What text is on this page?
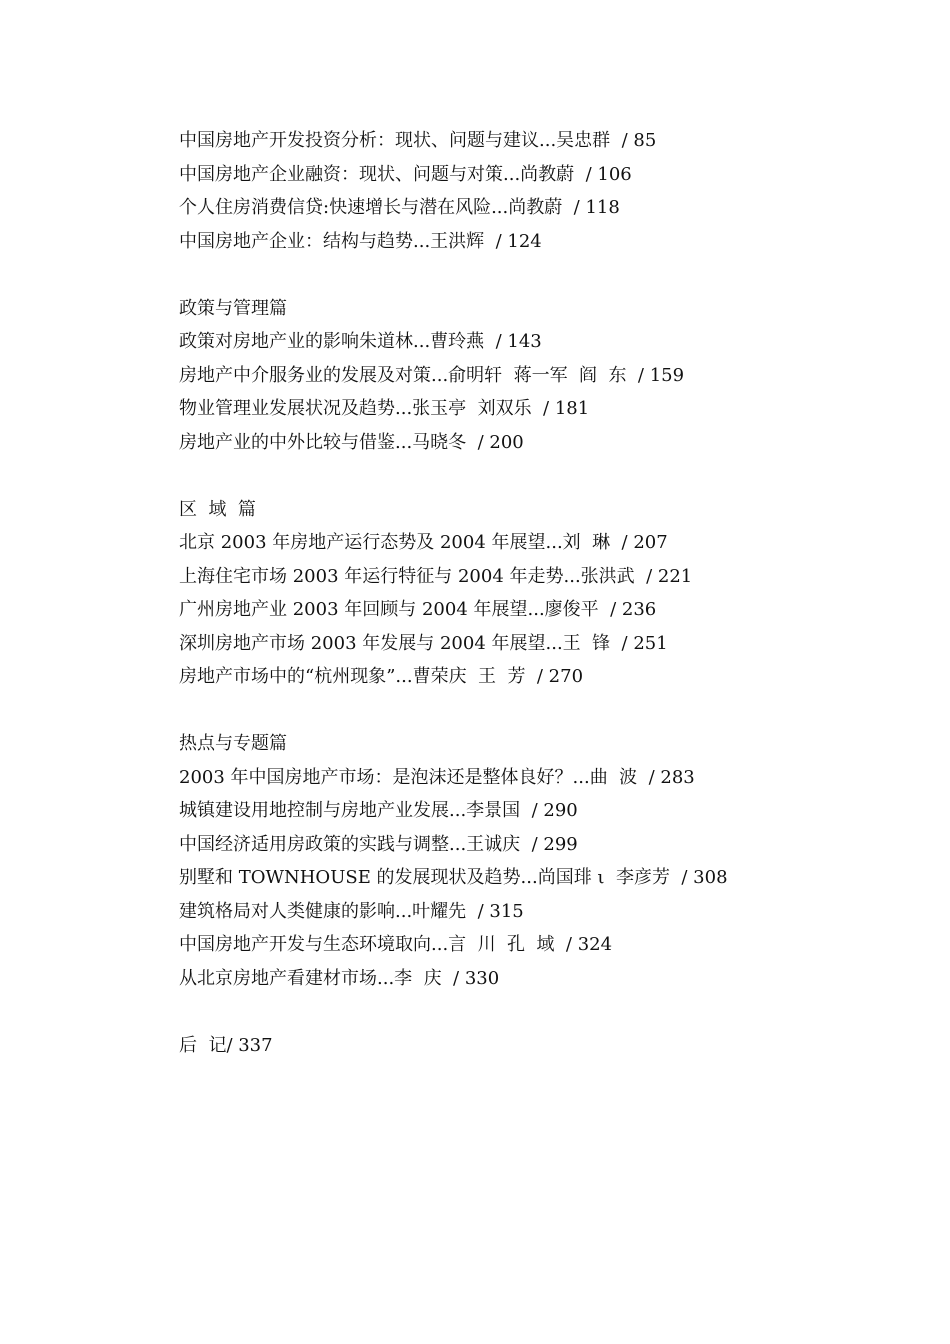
中国房地产开发投资分析：现状、问题与建议...吴忠群  / 85
中国房地产企业融资：现状、问题与对策...尚教蔚  / 106
个人住房消费信贷:快速增长与潜在风险...尚教蔚  / 118
中国房地产企业：结构与趋势...王洪辉  / 124
政策与管理篇
政策对房地产业的影响朱道林...曹玲燕  / 143
房地产中介服务业的发展及对策...俞明轩  蒋一军  阎  东  / 159
物业管理业发展状况及趋势...张玉亭  刘双乐  / 181
房地产业的中外比较与借鉴...马晓冬  / 200
区  域  篇
北京 2003 年房地产运行态势及 2004 年展望...刘  琳  / 207
上海住宅市场 2003 年运行特征与 2004 年走势...张洪武  / 221
广州房地产业 2003 年回顾与 2004 年展望...廖俊平  / 236
深圳房地产市场 2003 年发展与 2004 年展望...王  锋  / 251
房地产市场中的“杭州现象”...曹荣庆  王  芳  / 270
热点与专题篇
2003 年中国房地产市场：是泡沫还是整体良好？...曲  波  / 283
城镇建设用地控制与房地产业发展...李景国  / 290
中国经济适用房政策的实践与调整...王诚庆  / 299
别墅和 TOWNHOUSE 的发展现状及趋势...尚国琲 ι  李彦芳  / 308
建筑格局对人类健康的影响...叶耀先  / 315
中国房地产开发与生态环境取向...言  川  孔  域  / 324
从北京房地产看建材市场...李  庆  / 330
后  记/ 337
